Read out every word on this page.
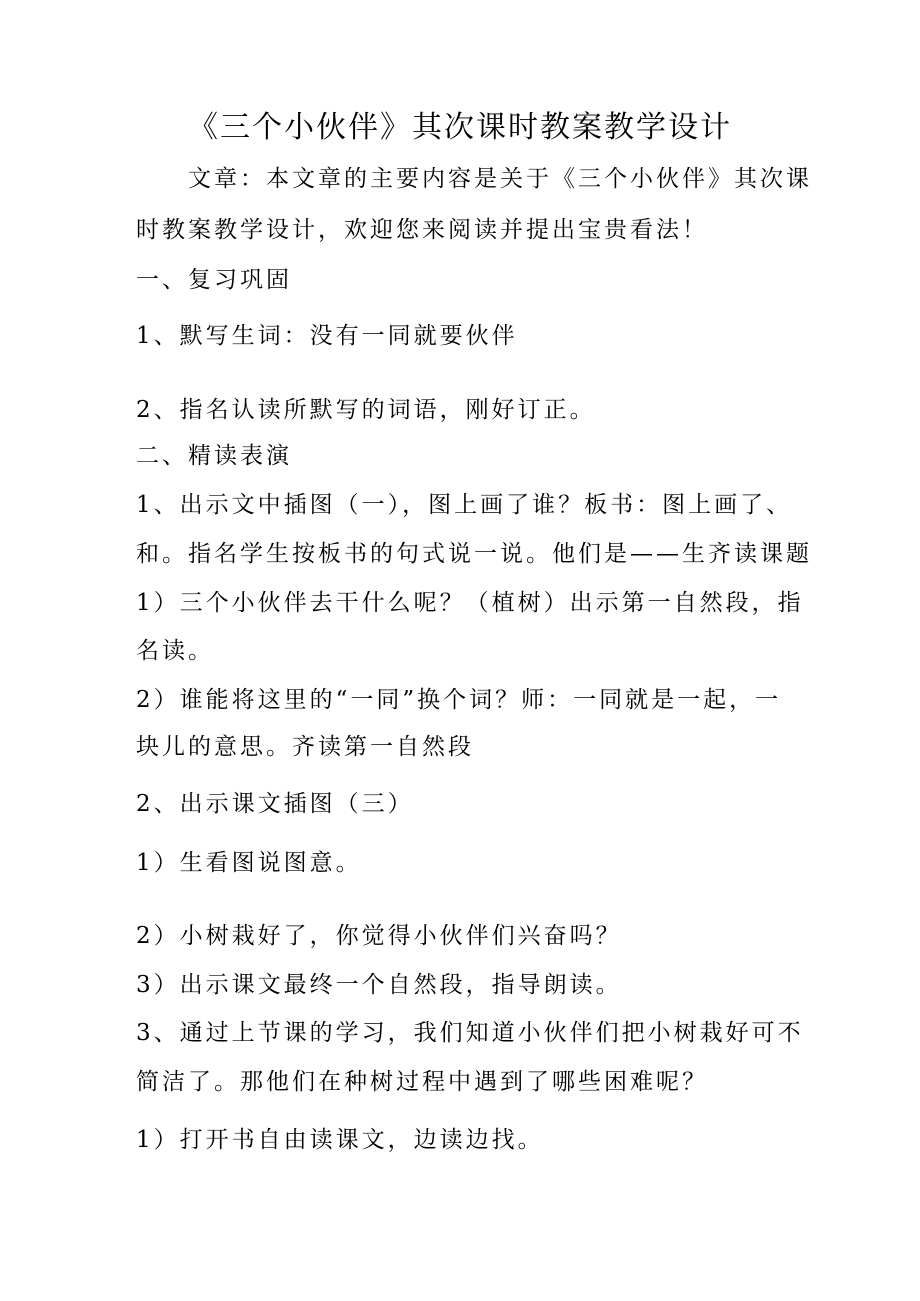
《三个小伙伴》其次课时教案教学设计
文章：本文章的主要内容是关于《三个小伙伴》其次课
时教案教学设计，欢迎您来阅读并提出宝贵看法！
一、复习巩固
1、默写生词：没有一同就要伙伴
2、指名认读所默写的词语，刚好订正。
二、精读表演
1、出示文中插图（一），图上画了谁？板书：图上画了、
和。指名学生按板书的句式说一说。他们是——生齐读课题
1）三个小伙伴去干什么呢？（植树）出示第一自然段，指
名读。
2）谁能将这里的“一同”换个词？师：一同就是一起，一
块儿的意思。齐读第一自然段
2、出示课文插图（三）
1）生看图说图意。
2）小树栽好了，你觉得小伙伴们兴奋吗？
3）出示课文最终一个自然段，指导朗读。
3、通过上节课的学习，我们知道小伙伴们把小树栽好可不
简洁了。那他们在种树过程中遇到了哪些困难呢？
1）打开书自由读课文，边读边找。
